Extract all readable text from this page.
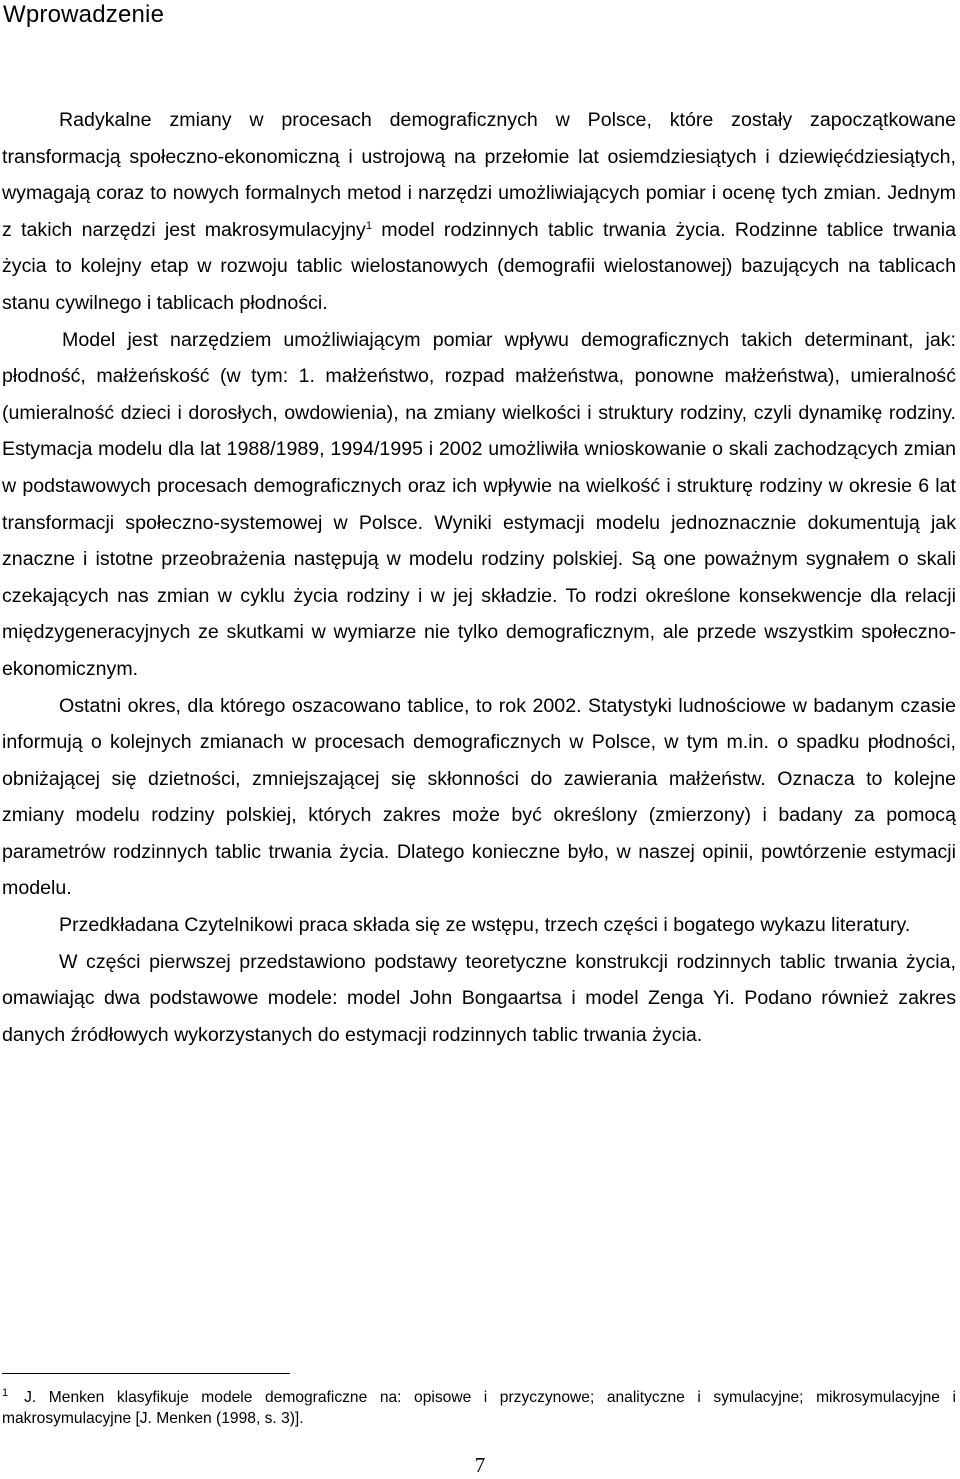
Wprowadzenie

Radykalne zmiany w procesach demograficznych w Polsce, które zostały zapoczątkowane transformacją społeczno-ekonomiczną i ustrojową na przełomie lat osiemdziesiątych i dziewięćdziesiątych, wymagają coraz to nowych formalnych metod i narzędzi umożliwiających pomiar i ocenę tych zmian. Jednym z takich narzędzi jest makrosymulacyjny$^1$ model rodzinnych tablic trwania życia. Rodzinne tablice trwania życia to kolejny etap w rozwoju tablic wielostanowych (demografii wielostanowej) bazujących na tablicach stanu cywilnego i tablicach płodności.

Model jest narzędziem umożliwiającym pomiar wpływu demograficznych takich determinant, jak: płodność, małżeńskość (w tym: 1. małżeństwo, rozpad małżeństwa, ponowne małżeństwa), umieralność (umieralność dzieci i dorosłych, owdowienia), na zmiany wielkości i struktury rodziny, czyli dynamikę rodziny. Estymacja modelu dla lat 1988/1989, 1994/1995 i 2002 umożliwiła wnioskowanie o skali zachodzących zmian w podstawowych procesach demograficznych oraz ich wpływie na wielkość i strukturę rodziny w okresie 6 lat transformacji społeczno-systemowej w Polsce. Wyniki estymacji modelu jednoznacznie dokumentują jak znaczne i istotne przeobrażenia następują w modelu rodziny polskiej. Są one poważnym sygnałem o skali czekających nas zmian w cyklu życia rodziny i w jej składzie. To rodzi określone konsekwencje dla relacji międzygeneracyjnych ze skutkami w wymiarze nie tylko demograficznym, ale przede wszystkim społeczno-ekonomicznym.

Ostatni okres, dla którego oszacowano tablice, to rok 2002. Statystyki ludnościowe w badanym czasie informują o kolejnych zmianach w procesach demograficznych w Polsce, w tym m.in. o spadku płodności, obniżającej się dzietności, zmniejszającej się skłonności do zawierania małżeństw. Oznacza to kolejne zmiany modelu rodziny polskiej, których zakres może być określony (zmierzony) i badany za pomocą parametrów rodzinnych tablic trwania życia. Dlatego konieczne było, w naszej opinii, powtórzenie estymacji modelu.

Przedkładana Czytelnikowi praca składa się ze wstępu, trzech części i bogatego wykazu literatury.

W części pierwszej przedstawiono podstawy teoretyczne konstrukcji rodzinnych tablic trwania życia, omawiając dwa podstawowe modele: model John Bongaartsa i model Zenga Yi. Podano również zakres danych źródłowych wykorzystanych do estymacji rodzinnych tablic trwania życia.

$^1$ J. Menken klasyfikuje modele demograficzne na: opisowe i przyczynowe; analityczne i symulacyjne; mikrosymulacyjne i makrosymulacyjne [J. Menken (1998, s. 3)].

7
